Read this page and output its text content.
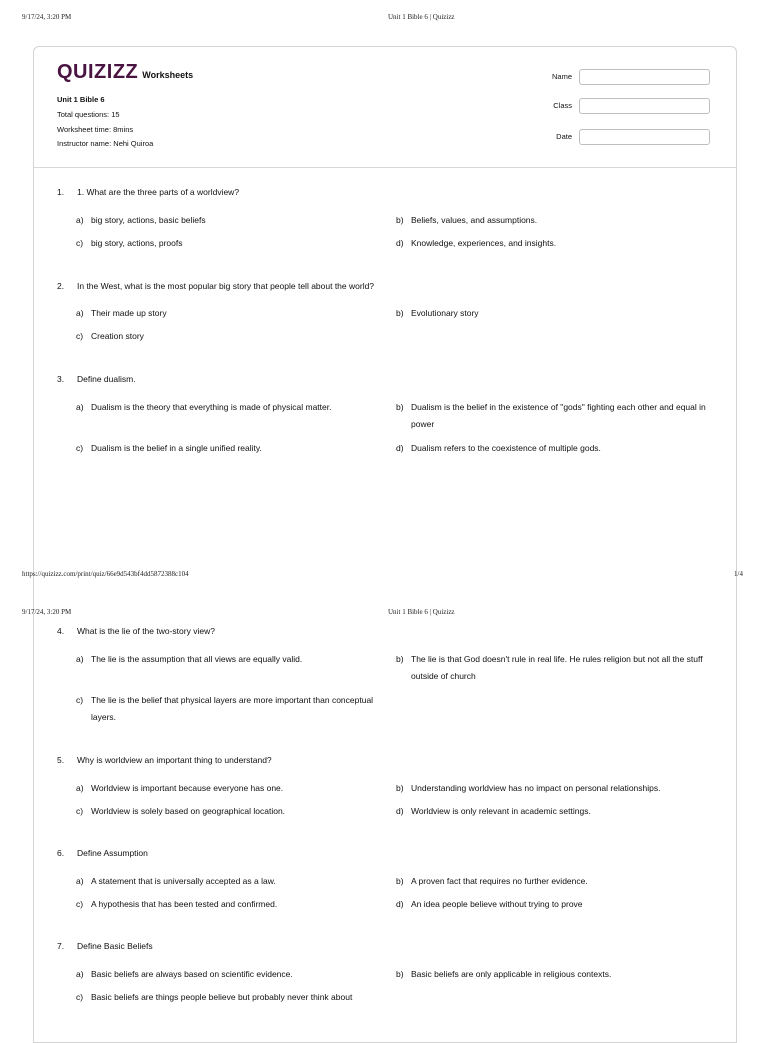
9/17/24, 3:20 PM	Unit 1 Bible 6 | Quizizz
QUIZIZZ Worksheets
Unit 1 Bible 6
Total questions: 15
Worksheet time: 8mins
Instructor name: Nehi Quiroa
Name
Class
Date
https://quizizz.com/print/quiz/66e9d543bf4dd5872388c104	1/4
9/17/24, 3:20 PM	Unit 1 Bible 6 | Quizizz
1.	1. What are the three parts of a worldview?
a) big story, actions, basic beliefs	b) Beliefs, values, and assumptions.
c) big story, actions, proofs	d) Knowledge, experiences, and insights.
2.	In the West, what is the most popular big story that people tell about the world?
a) Their made up story	b) Evolutionary story
c) Creation story
3.	Define dualism.
a) Dualism is the theory that everything is made of physical matter.	b) Dualism is the belief in the existence of "gods" fighting each other and equal in power
c) Dualism is the belief in a single unified reality.	d) Dualism refers to the coexistence of multiple gods.
4.	What is the lie of the two-story view?
a) The lie is the assumption that all views are equally valid.	b) The lie is that God doesn't rule in real life. He rules religion but not all the stuff outside of church
c) The lie is the belief that physical layers are more important than conceptual layers.
5.	Why is worldview an important thing to understand?
a) Worldview is important because everyone has one.	b) Understanding worldview has no impact on personal relationships.
c) Worldview is solely based on geographical location.	d) Worldview is only relevant in academic settings.
6.	Define Assumption
a) A statement that is universally accepted as a law.	b) A proven fact that requires no further evidence.
c) A hypothesis that has been tested and confirmed.	d) An idea people believe without trying to prove
7.	Define Basic Beliefs
a) Basic beliefs are always based on scientific evidence.	b) Basic beliefs are only applicable in religious contexts.
c) Basic beliefs are things people believe but probably never think about
